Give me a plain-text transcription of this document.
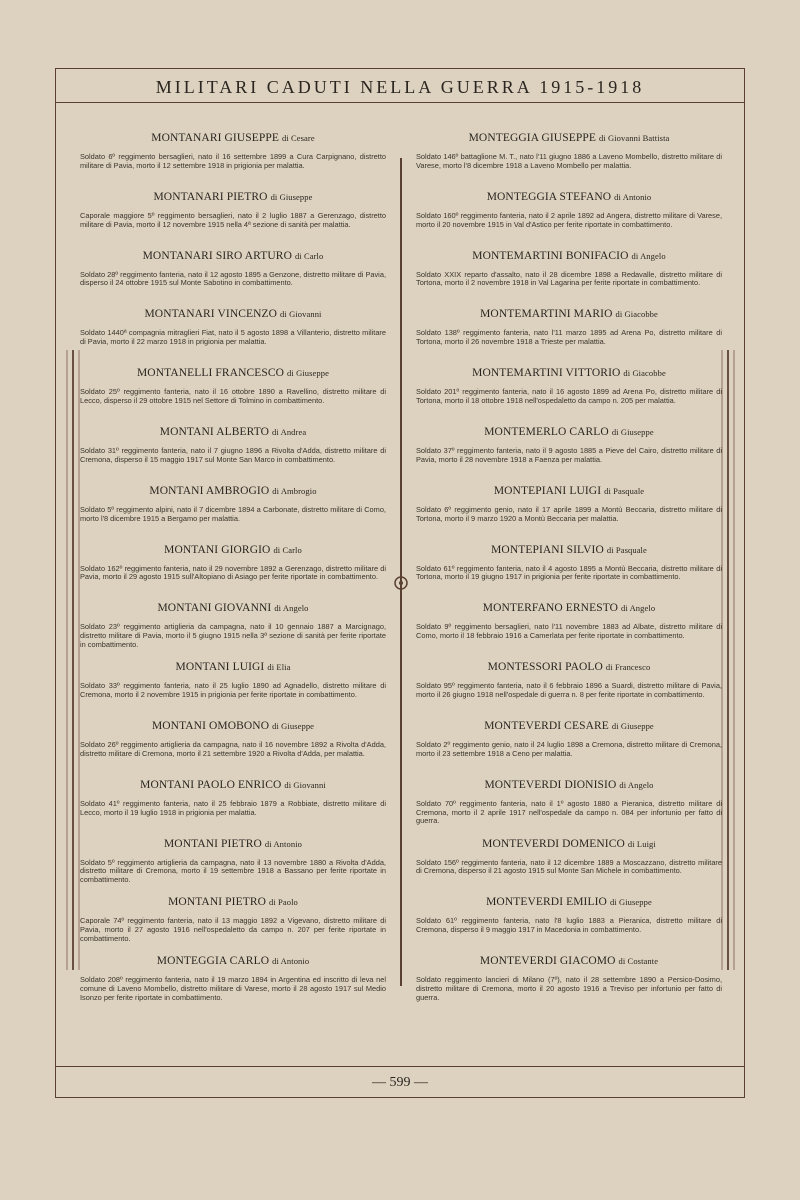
MILITARI CADUTI NELLA GUERRA 1915-1918
— 599 —

MONTANARI GIUSEPPE di Cesare

Soldato 6º reggimento bersaglieri, nato il 16 settembre 1899 a Cura Carpignano, distretto militare di Pavia, morto il 12 settembre 1918 in prigionia per malattia.

MONTANARI PIETRO di Giuseppe

Caporale maggiore 5º reggimento bersaglieri, nato il 2 luglio 1887 a Gerenzago, distretto militare di Pavia, morto il 12 novembre 1915 nella 4ª sezione di sanità per malattia.

MONTANARI SIRO ARTURO di Carlo

Soldato 28º reggimento fanteria, nato il 12 agosto 1895 a Genzone, distretto militare di Pavia, disperso il 24 ottobre 1915 sul Monte Sabotino in combattimento.

MONTANARI VINCENZO di Giovanni

Soldato 1440ª compagnia mitraglieri Fiat, nato il 5 agosto 1898 a Villanterio, distretto militare di Pavia, morto il 22 marzo 1918 in prigionia per malattia.

MONTANELLI FRANCESCO di Giuseppe

Soldato 25º reggimento fanteria, nato il 16 ottobre 1890 a Ravellino, distretto militare di Lecco, disperso il 29 ottobre 1915 nel Settore di Tolmino in combattimento.

MONTANI ALBERTO di Andrea

Soldato 31º reggimento fanteria, nato il 7 giugno 1896 a Rivolta d'Adda, distretto militare di Cremona, disperso il 15 maggio 1917 sul Monte San Marco in combattimento.

MONTANI AMBROGIO di Ambrogio

Soldato 5º reggimento alpini, nato il 7 dicembre 1894 a Carbonate, distretto militare di Como, morto l'8 dicembre 1915 a Bergamo per malattia.

MONTANI GIORGIO di Carlo

Soldato 162º reggimento fanteria, nato il 29 novembre 1892 a Gerenzago, distretto militare di Pavia, morto il 29 agosto 1915 sull'Altopiano di Asiago per ferite riportate in combattimento.

MONTANI GIOVANNI di Angelo

Soldato 23º reggimento artiglieria da campagna, nato il 10 gennaio 1887 a Marcignago, distretto militare di Pavia, morto il 5 giugno 1915 nella 3ª sezione di sanità per ferite riportate in combattimento.

MONTANI LUIGI di Elia

Soldato 33º reggimento fanteria, nato il 25 luglio 1890 ad Agnadello, distretto militare di Cremona, morto il 2 novembre 1915 in prigionia per ferite riportate in combattimento.

MONTANI OMOBONO di Giuseppe

Soldato 26º reggimento artiglieria da campagna, nato il 16 novembre 1892 a Rivolta d'Adda, distretto militare di Cremona, morto il 21 settembre 1920 a Rivolta d'Adda, per malattia.

MONTANI PAOLO ENRICO di Giovanni

Soldato 41º reggimento fanteria, nato il 25 febbraio 1879 a Robbiate, distretto militare di Lecco, morto il 19 luglio 1918 in prigionia per malattia.

MONTANI PIETRO di Antonio

Soldato 5º reggimento artiglieria da campagna, nato il 13 novembre 1880 a Rivolta d'Adda, distretto militare di Cremona, morto il 19 settembre 1918 a Bassano per ferite riportate in combattimento.

MONTANI PIETRO di Paolo

Caporale 74º reggimento fanteria, nato il 13 maggio 1892 a Vigevano, distretto militare di Pavia, morto il 27 agosto 1916 nell'ospedaletto da campo n. 207 per ferite riportate in combattimento.

MONTEGGIA CARLO di Antonio

Soldato 208º reggimento fanteria, nato il 19 marzo 1894 in Argentina ed inscritto di leva nel comune di Laveno Mombello, distretto militare di Varese, morto il 28 agosto 1917 sul Medio Isonzo per ferite riportate in combattimento.

MONTEGGIA GIUSEPPE di Giovanni Battista

Soldato 146º battaglione M. T., nato l'11 giugno 1886 a Laveno Mombello, distretto militare di Varese, morto l'8 dicembre 1918 a Laveno Mombello per malattia.

MONTEGGIA STEFANO di Antonio

Soldato 160º reggimento fanteria, nato il 2 aprile 1892 ad Angera, distretto militare di Varese, morto il 20 novembre 1915 in Val d'Astico per ferite riportate in combattimento.

MONTEMARTINI BONIFACIO di Angelo

Soldato XXIX reparto d'assalto, nato il 28 dicembre 1898 a Redavalle, distretto militare di Tortona, morto il 2 novembre 1918 in Val Lagarina per ferite riportate in combattimento.

MONTEMARTINI MARIO di Giacobbe

Soldato 138º reggimento fanteria, nato l'11 marzo 1895 ad Arena Po, distretto militare di Tortona, morto il 26 novembre 1918 a Trieste per malattia.

MONTEMARTINI VITTORIO di Giacobbe

Soldato 201º reggimento fanteria, nato il 16 agosto 1899 ad Arena Po, distretto militare di Tortona, morto il 18 ottobre 1918 nell'ospedaletto da campo n. 205 per malattia.

MONTEMERLO CARLO di Giuseppe

Soldato 37º reggimento fanteria, nato il 9 agosto 1885 a Pieve del Cairo, distretto militare di Pavia, morto il 28 novembre 1918 a Faenza per malattia.

MONTEPIANI LUIGI di Pasquale

Soldato 6º reggimento genio, nato il 17 aprile 1899 a Montù Beccaria, distretto militare di Tortona, morto il 9 marzo 1920 a Montù Beccaria per malattia.

MONTEPIANI SILVIO di Pasquale

Soldato 61º reggimento fanteria, nato il 4 agosto 1895 a Montù Beccaria, distretto militare di Tortona, morto il 19 giugno 1917 in prigionia per ferite riportate in combattimento.

MONTERFANO ERNESTO di Angelo

Soldato 9º reggimento bersaglieri, nato l'11 novembre 1883 ad Albate, distretto militare di Como, morto il 18 febbraio 1916 a Camerlata per ferite riportate in combattimento.

MONTESSORI PAOLO di Francesco

Soldato 95º reggimento fanteria, nato il 6 febbraio 1896 a Suardi, distretto militare di Pavia, morto il 26 giugno 1918 nell'ospedale di guerra n. 8 per ferite riportate in combattimento.

MONTEVERDI CESARE di Giuseppe

Soldato 2º reggimento genio, nato il 24 luglio 1898 a Cremona, distretto militare di Cremona, morto il 23 settembre 1918 a Ceno per malattia.

MONTEVERDI DIONISIO di Angelo

Soldato 70º reggimento fanteria, nato il 1º agosto 1880 a Pieranica, distretto militare di Cremona, morto il 2 aprile 1917 nell'ospedale da campo n. 084 per infortunio per fatto di guerra.

MONTEVERDI DOMENICO di Luigi

Soldato 156º reggimento fanteria, nato il 12 dicembre 1889 a Moscazzano, distretto militare di Cremona, disperso il 21 agosto 1915 sul Monte San Michele in combattimento.

MONTEVERDI EMILIO di Giuseppe

Soldato 61º reggimento fanteria, nato l'8 luglio 1883 a Pieranica, distretto militare di Cremona, disperso il 9 maggio 1917 in Macedonia in combattimento.

MONTEVERDI GIACOMO di Costante

Soldato reggimento lancieri di Milano (7º), nato il 28 settembre 1890 a Persico-Dosimo, distretto militare di Cremona, morto il 20 agosto 1916 a Treviso per infortunio per fatto di guerra.
